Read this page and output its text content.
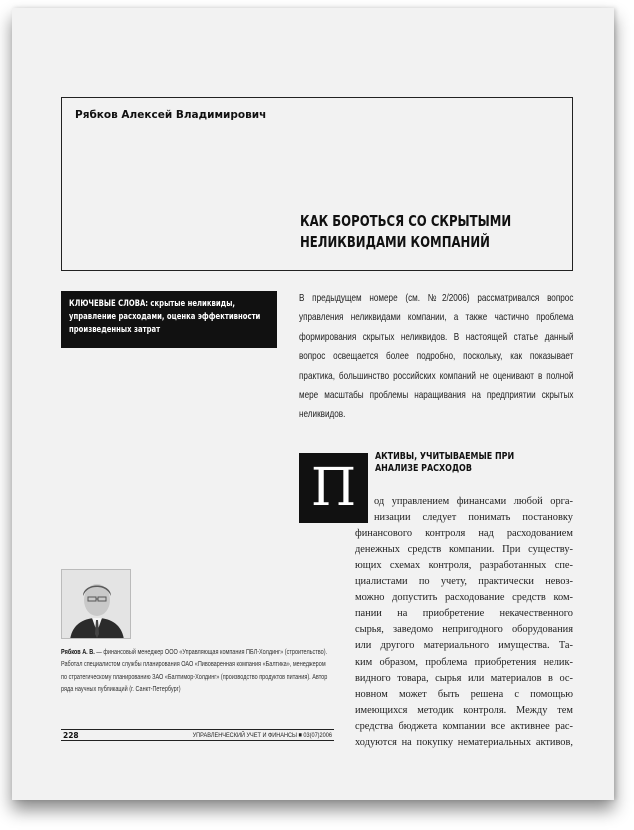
Рябков Алексей Владимирович
КАК БОРОТЬСЯ СО СКРЫТЫМИ
НЕЛИКВИДАМИ КОМПАНИЙ
КЛЮЧЕВЫЕ СЛОВА: скрытые неликвиды, управление расходами, оценка эффективности произведенных затрат
В предыдущем номере (см. №2/2006) рассматривался вопрос управления неликвидами компании, а также частично проблема формирования скрытых неликвидов. В настоящей статье данный вопрос освещается более подробно, поскольку, как показывает практика, большинство российских компаний не оценивают в полной мере масштабы проблемы наращивания на предприятии скрытых неликвидов.
П
АКТИВЫ, УЧИТЫВАЕМЫЕ ПРИ
АНАЛИЗЕ РАСХОДОВ
од управлением финансами любой орга-
низации следует понимать постановку
финансового контроля над расходованием
денежных средств компании. При существу-
ющих схемах контроля, разработанных спе-
циалистами по учету, практически невоз-
можно допустить расходование средств ком-
пании на приобретение некачественного
сырья, заведомо непригодного оборудования
или другого материального имущества. Та-
ким образом, проблема приобретения нелик-
видного товара, сырья или материалов в ос-
новном может быть решена с помощью
имеющихся методик контроля. Между тем
средства бюджета компании все активнее рас-
ходуются на покупку нематериальных активов,
Рябков А. В. — финансовый менеджер ООО «Управляющая компания ПБЛ-Холдинг» (строительство). Работал специалистом службы планирования ОАО «Пивоваренная компания «Балтика», менеджером по стратегическому планированию ЗАО «Балтимор-Холдинг» (производство продуктов питания). Автор ряда научных публикаций (г. Санкт-Петербург)
228	УПРАВЛЕНЧЕСКИЙ УЧЕТ И ФИНАНСЫ ■ 03(07)2006
